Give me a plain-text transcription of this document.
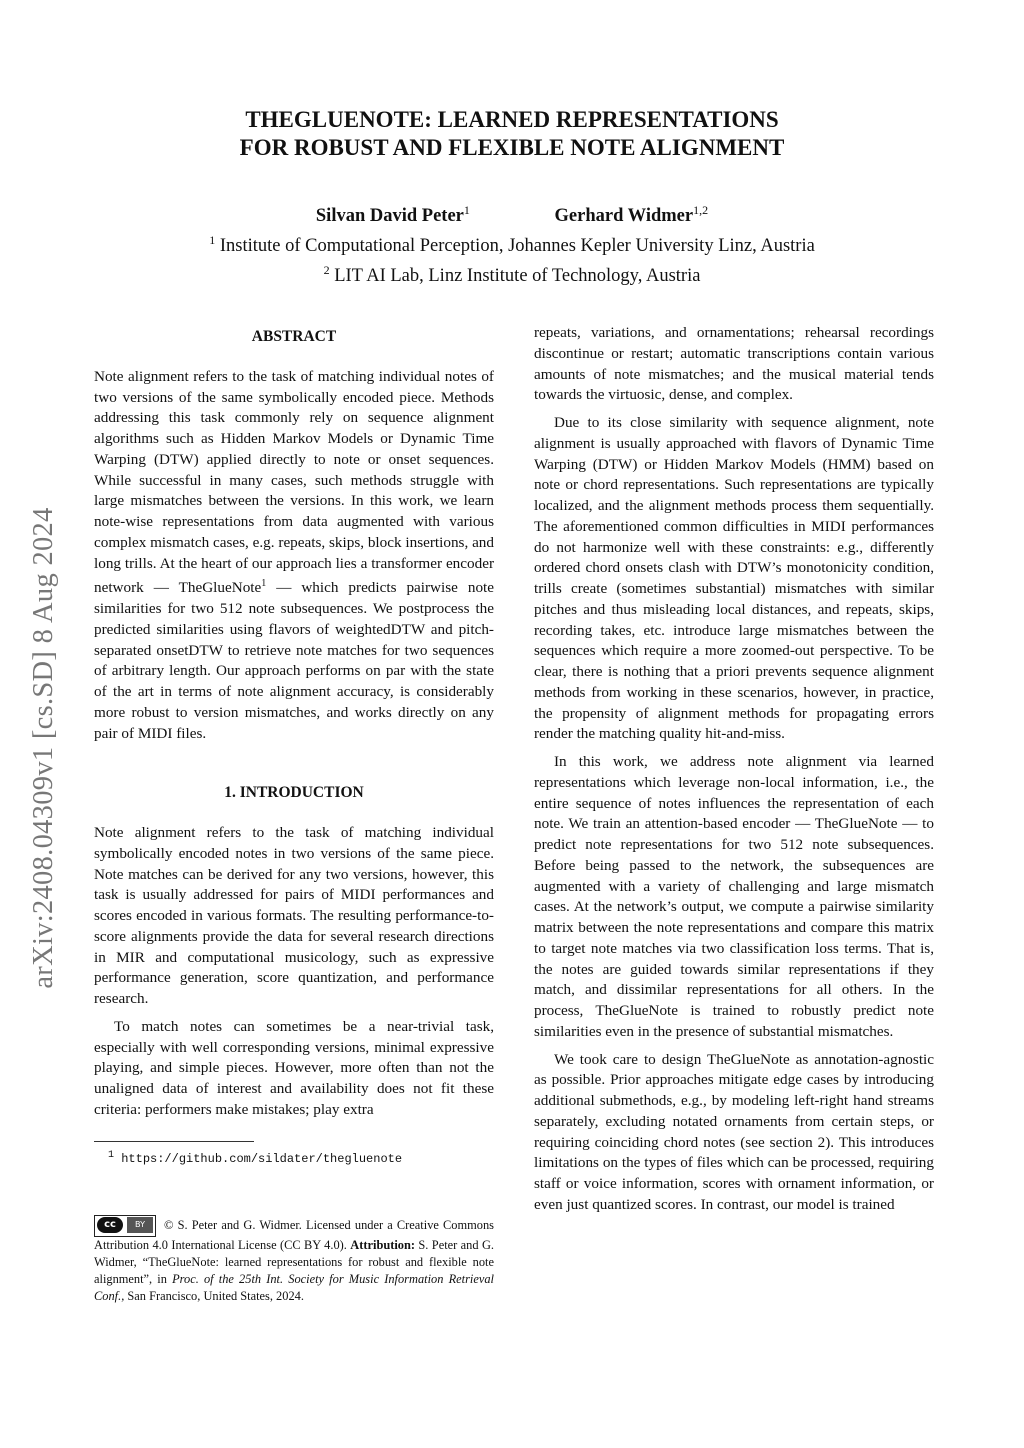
arXiv:2408.04309v1 [cs.SD] 8 Aug 2024
THEGLUENOTE: LEARNED REPRESENTATIONS
FOR ROBUST AND FLEXIBLE NOTE ALIGNMENT
Silvan David Peter$^1$	Gerhard Widmer$^{1,2}$
$^1$ Institute of Computational Perception, Johannes Kepler University Linz, Austria
$^2$ LIT AI Lab, Linz Institute of Technology, Austria
ABSTRACT

Note alignment refers to the task of matching individual notes of two versions of the same symbolically encoded piece. Methods addressing this task commonly rely on sequence alignment algorithms such as Hidden Markov Models or Dynamic Time Warping (DTW) applied directly to note or onset sequences. While successful in many cases, such methods struggle with large mismatches between the versions. In this work, we learn note-wise representations from data augmented with various complex mismatch cases, e.g. repeats, skips, block insertions, and long trills. At the heart of our approach lies a transformer encoder network — TheGlueNote$^1$ — which predicts pairwise note similarities for two 512 note subsequences. We postprocess the predicted similarities using flavors of weightedDTW and pitch-separated onsetDTW to retrieve note matches for two sequences of arbitrary length. Our approach performs on par with the state of the art in terms of note alignment accuracy, is considerably more robust to version mismatches, and works directly on any pair of MIDI files.

1. INTRODUCTION

Note alignment refers to the task of matching individual symbolically encoded notes in two versions of the same piece. Note matches can be derived for any two versions, however, this task is usually addressed for pairs of MIDI performances and scores encoded in various formats. The resulting performance-to-score alignments provide the data for several research directions in MIR and computational musicology, such as expressive performance generation, score quantization, and performance research.

To match notes can sometimes be a near-trivial task, especially with well corresponding versions, minimal expressive playing, and simple pieces. However, more often than not the unaligned data of interest and availability does not fit these criteria: performers make mistakes; play extra

$^1$ https://github.com/sildater/thegluenote
cc	BY	© S. Peter and G. Widmer. Licensed under a Creative Commons Attribution 4.0 International License (CC BY 4.0). Attribution: S. Peter and G. Widmer, “TheGlueNote: learned representations for robust and flexible note alignment”, in Proc. of the 25th Int. Society for Music Information Retrieval Conf., San Francisco, United States, 2024.

repeats, variations, and ornamentations; rehearsal recordings discontinue or restart; automatic transcriptions contain various amounts of note mismatches; and the musical material tends towards the virtuosic, dense, and complex.

Due to its close similarity with sequence alignment, note alignment is usually approached with flavors of Dynamic Time Warping (DTW) or Hidden Markov Models (HMM) based on note or chord representations. Such representations are typically localized, and the alignment methods process them sequentially. The aforementioned common difficulties in MIDI performances do not harmonize well with these constraints: e.g., differently ordered chord onsets clash with DTW’s monotonicity condition, trills create (sometimes substantial) mismatches with similar pitches and thus misleading local distances, and repeats, skips, recording takes, etc. introduce large mismatches between the sequences which require a more zoomed-out perspective. To be clear, there is nothing that a priori prevents sequence alignment methods from working in these scenarios, however, in practice, the propensity of alignment methods for propagating errors render the matching quality hit-and-miss.

In this work, we address note alignment via learned representations which leverage non-local information, i.e., the entire sequence of notes influences the representation of each note. We train an attention-based encoder — TheGlueNote — to predict note representations for two 512 note subsequences. Before being passed to the network, the subsequences are augmented with a variety of challenging and large mismatch cases. At the network’s output, we compute a pairwise similarity matrix between the note representations and compare this matrix to target note matches via two classification loss terms. That is, the notes are guided towards similar representations if they match, and dissimilar representations for all others. In the process, TheGlueNote is trained to robustly predict note similarities even in the presence of substantial mismatches.

We took care to design TheGlueNote as annotation-agnostic as possible. Prior approaches mitigate edge cases by introducing additional submethods, e.g., by modeling left-right hand streams separately, excluding notated ornaments from certain steps, or requiring coinciding chord notes (see section 2). This introduces limitations on the types of files which can be processed, requiring staff or voice information, scores with ornament information, or even just quantized scores. In contrast, our model is trained
